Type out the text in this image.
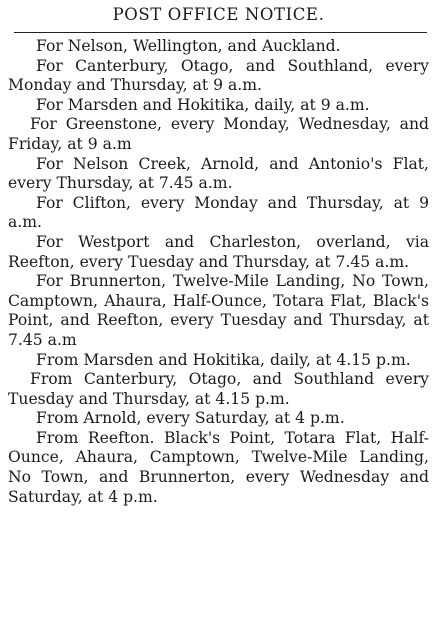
POST OFFICE NOTICE.

For Nelson, Wellington, and Auckland.

For Canterbury, Otago, and Southland, every Monday and Thursday, at 9 a.m.

For Marsden and Hokitika, daily, at 9 a.m.

For Greenstone, every Monday, Wednesday, and Friday, at 9 a.m

For Nelson Creek, Arnold, and Antonio's Flat, every Thursday, at 7.45 a.m.

For Clifton, every Monday and Thursday, at 9 a.m.

For Westport and Charleston, overland, via Reefton, every Tuesday and Thursday, at 7.45 a.m.

For Brunnerton, Twelve-Mile Landing, No Town, Camptown, Ahaura, Half-Ounce, Totara Flat, Black's Point, and Reefton, every Tuesday and Thursday, at 7.45 a.m

From Marsden and Hokitika, daily, at 4.15 p.m.

From Canterbury, Otago, and Southland every Tuesday and Thursday, at 4.15 p.m.

From Arnold, every Saturday, at 4 p.m.

From Reefton. Black's Point, Totara Flat, Half-Ounce, Ahaura, Camptown, Twelve-Mile Landing, No Town, and Brunnerton, every Wednesday and Saturday, at 4 p.m.
